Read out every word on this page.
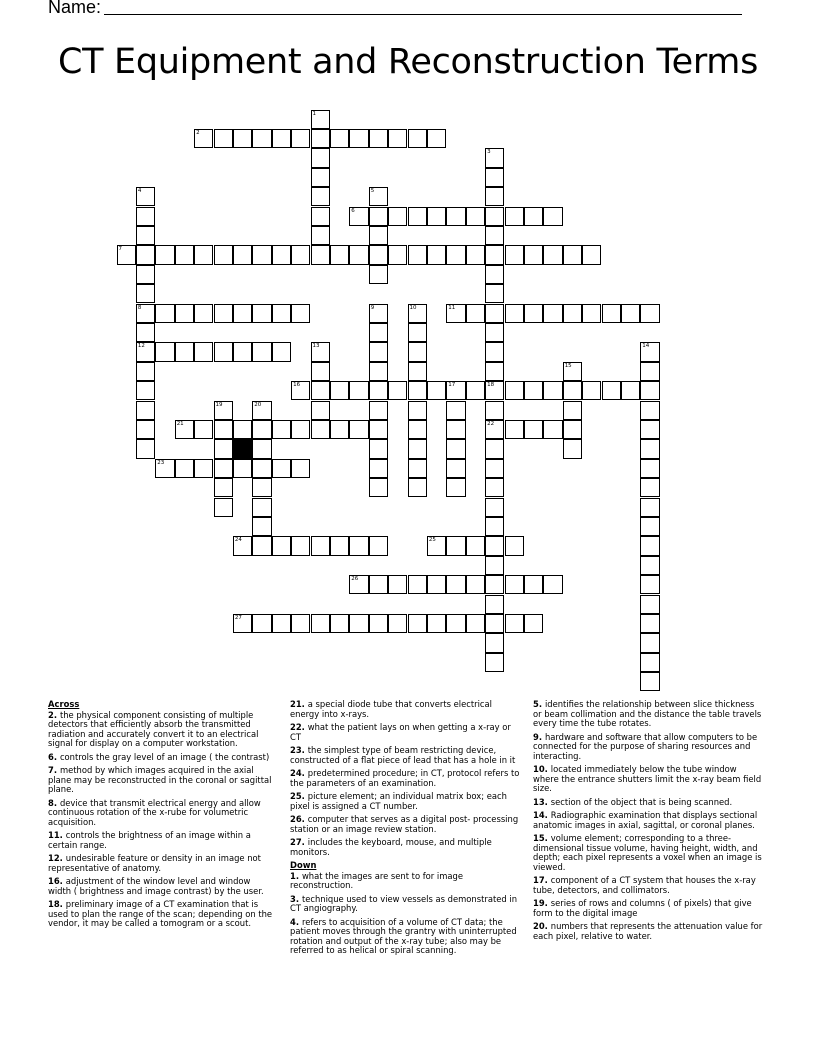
Name:
CT Equipment and Reconstruction Terms
1
2
3
4	5
6
7
8	9	10	11
12	13	14
15
16	17	18
19	20
21	22
23
24	25
26
27
Across
2. the physical component consisting of multiple detectors that efficiently absorb the transmitted radiation and accurately convert it to an electrical signal for display on a computer workstation.
6. controls the gray level of an image ( the contrast)
7. method by which images acquired in the axial plane may be reconstructed in the coronal or sagittal plane.
8. device that transmit electrical energy and allow continuous rotation of the x-rube for volumetric acquisition.
11. controls the brightness of an image within a certain range.
12. undesirable feature or density in an image not representative of anatomy.
16. adjustment of the window level and window width ( brightness and image contrast) by the user.
18. preliminary image of a CT examination that is used to plan the range of the scan; depending on the vendor, it may be called a tomogram or a scout.
21. a special diode tube that converts electrical energy into x-rays.
22. what the patient lays on when getting a x-ray or CT
23. the simplest type of beam restricting device, constructed of a flat piece of lead that has a hole in it
24. predetermined procedure; in CT, protocol refers to the parameters of an examination.
25. picture element; an individual matrix box; each pixel is assigned a CT number.
26. computer that serves as a digital post- processing station or an image review station.
27. includes the keyboard, mouse, and multiple monitors.
Down
1. what the images are sent to for image reconstruction.
3. technique used to view vessels as demonstrated in CT angiography.
4. refers to acquisition of a volume of CT data; the patient moves through the grantry with uninterrupted rotation and output of the x-ray tube; also may be referred to as helical or spiral scanning.
5. identifies the relationship between slice thickness or beam collimation and the distance the table travels every time the tube rotates.
9. hardware and software that allow computers to be connected for the purpose of sharing resources and interacting.
10. located immediately below the tube window where the entrance shutters limit the x-ray beam field size.
13. section of the object that is being scanned.
14. Radiographic examination that displays sectional anatomic images in axial, sagittal, or coronal planes.
15. volume element; corresponding to a three-dimensional tissue volume, having height, width, and depth; each pixel represents a voxel when an image is viewed.
17. component of a CT system that houses the x-ray tube, detectors, and collimators.
19. series of rows and columns ( of pixels) that give form to the digital image
20. numbers that represents the attenuation value for each pixel, relative to water.
